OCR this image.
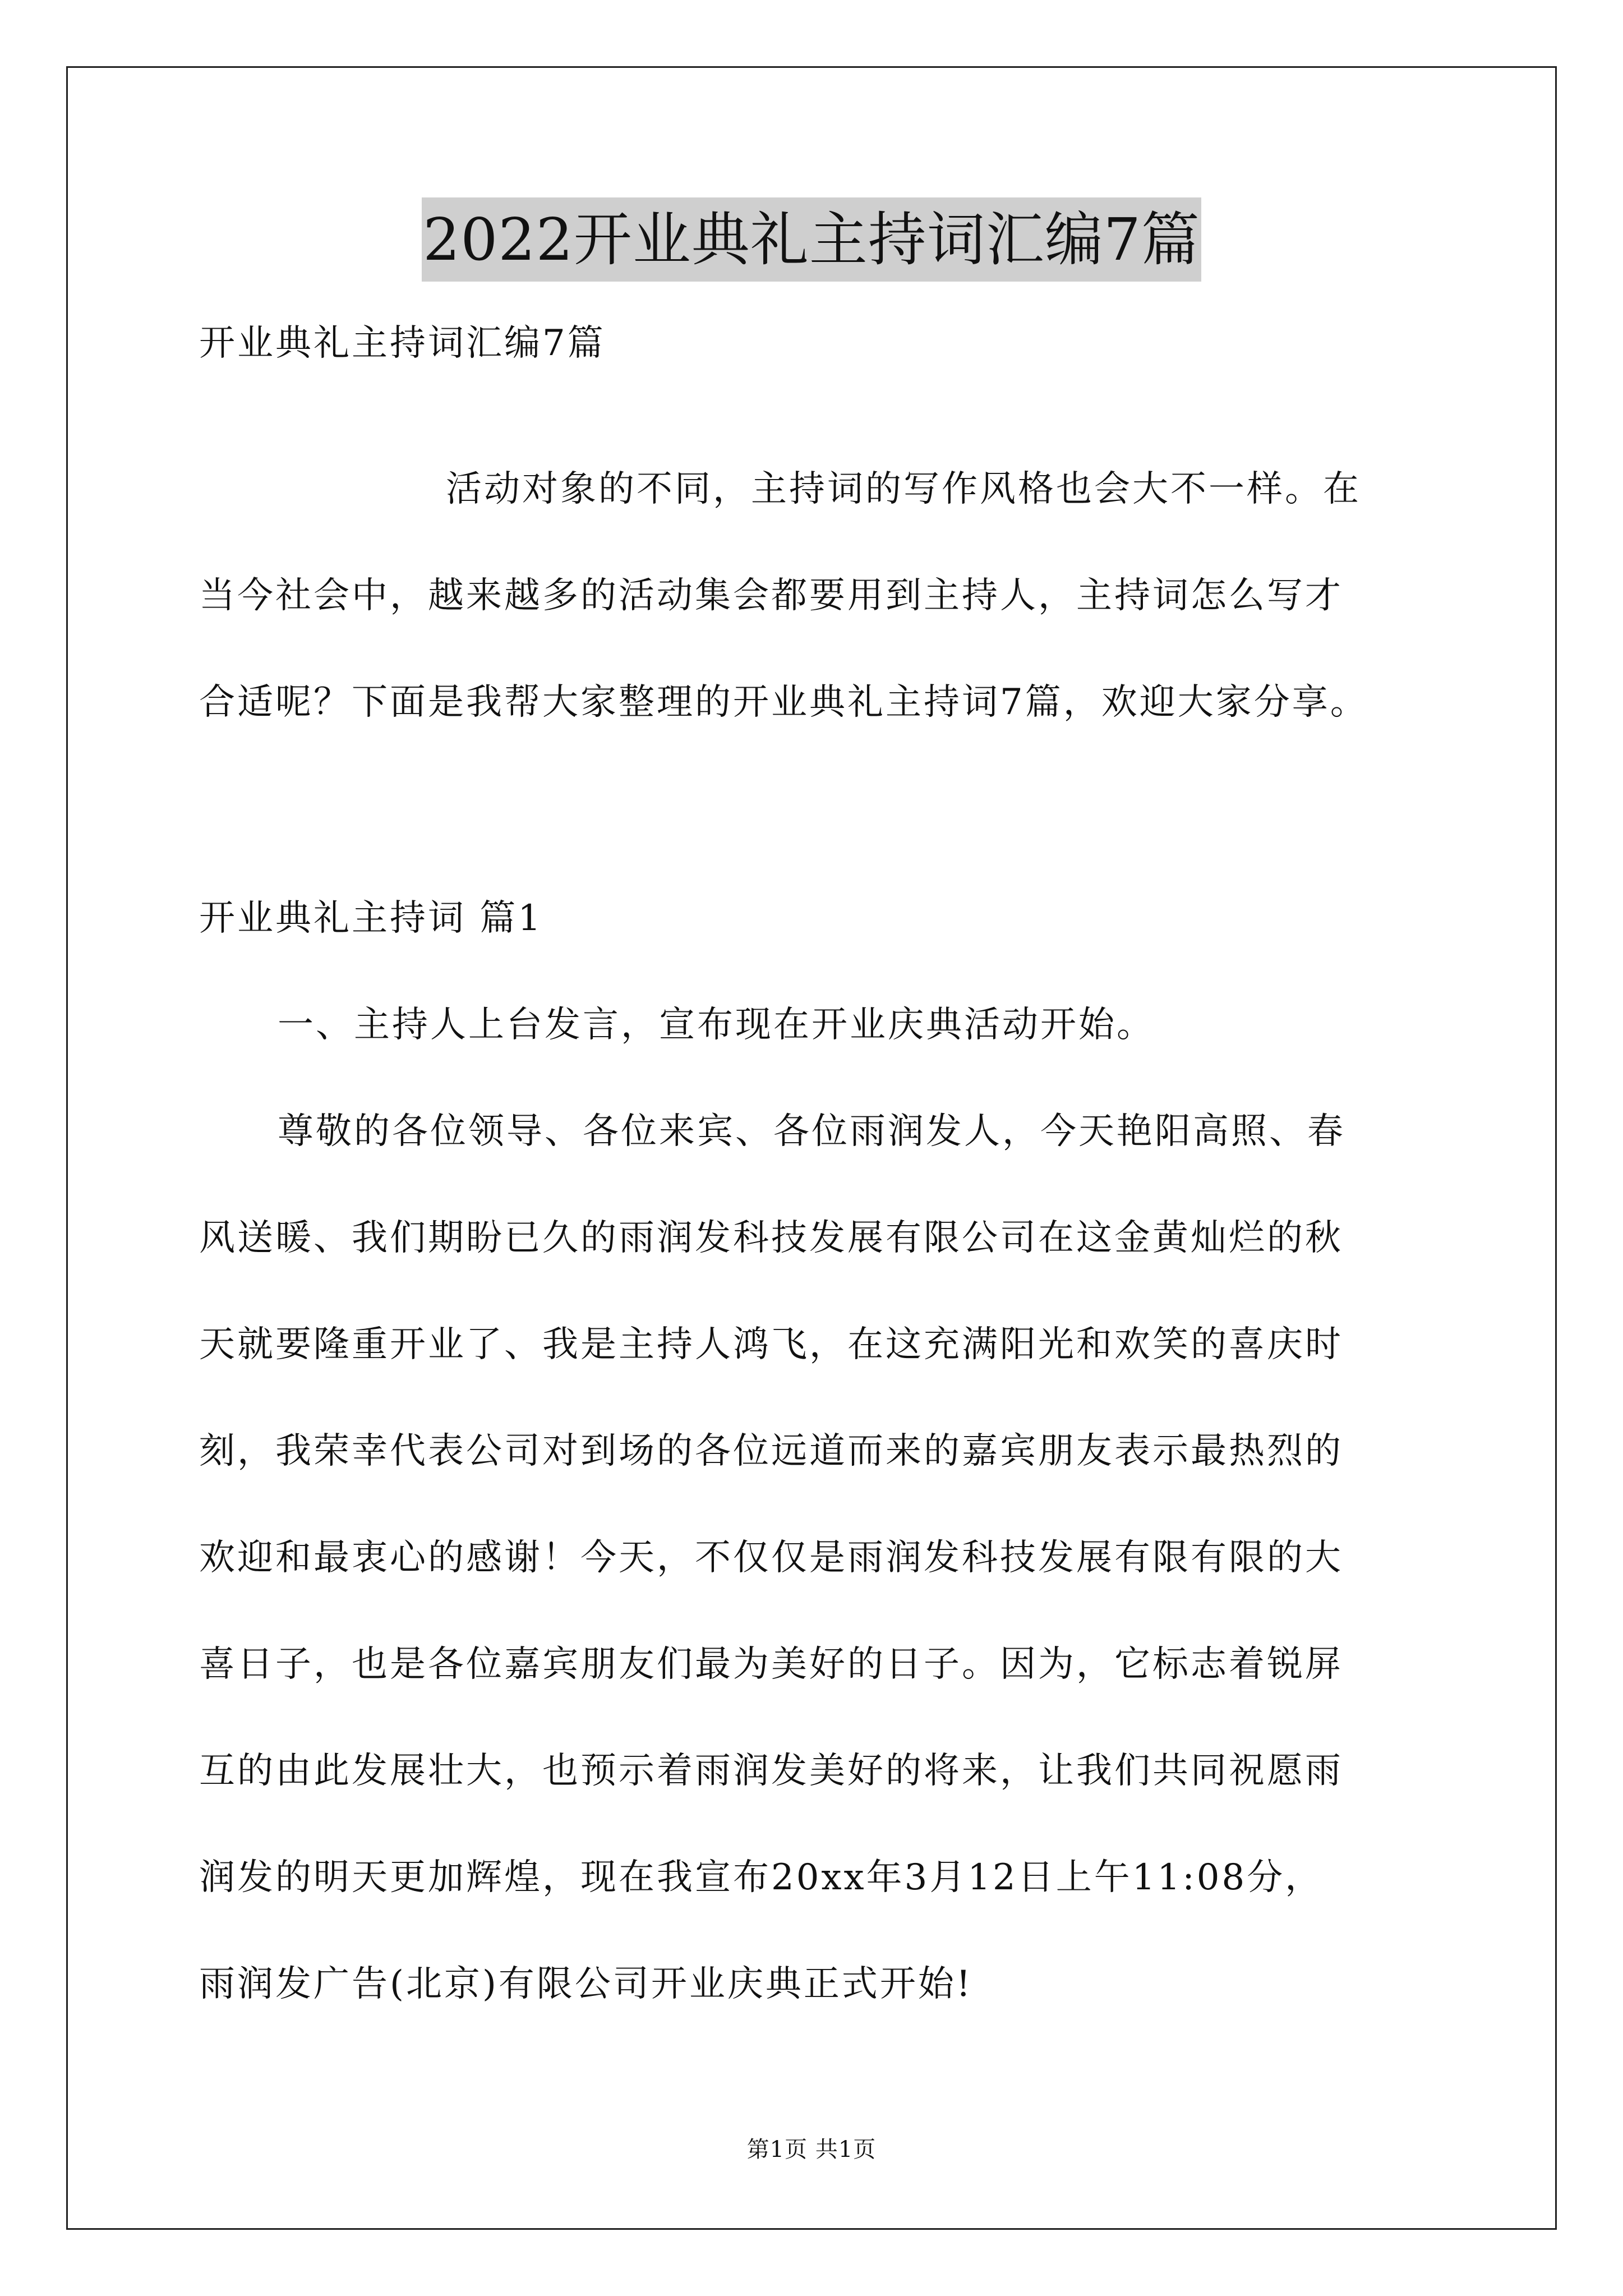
2022开业典礼主持词汇编7篇
开业典礼主持词汇编7篇
活动对象的不同，主持词的写作风格也会大不一样。在
当今社会中，越来越多的活动集会都要用到主持人，主持词怎么写才
合适呢？下面是我帮大家整理的开业典礼主持词7篇，欢迎大家分享。
开业典礼主持词 篇1
一、主持人上台发言，宣布现在开业庆典活动开始。
尊敬的各位领导、各位来宾、各位雨润发人，今天艳阳高照、春
风送暖、我们期盼已久的雨润发科技发展有限公司在这金黄灿烂的秋
天就要隆重开业了、我是主持人鸿飞，在这充满阳光和欢笑的喜庆时
刻，我荣幸代表公司对到场的各位远道而来的嘉宾朋友表示最热烈的
欢迎和最衷心的感谢！今天，不仅仅是雨润发科技发展有限有限的大
喜日子，也是各位嘉宾朋友们最为美好的日子。因为，它标志着锐屏
互的由此发展壮大，也预示着雨润发美好的将来，让我们共同祝愿雨
润发的明天更加辉煌，现在我宣布20xx年3月12日上午11:08分，
雨润发广告(北京)有限公司开业庆典正式开始!
第1页 共1页
